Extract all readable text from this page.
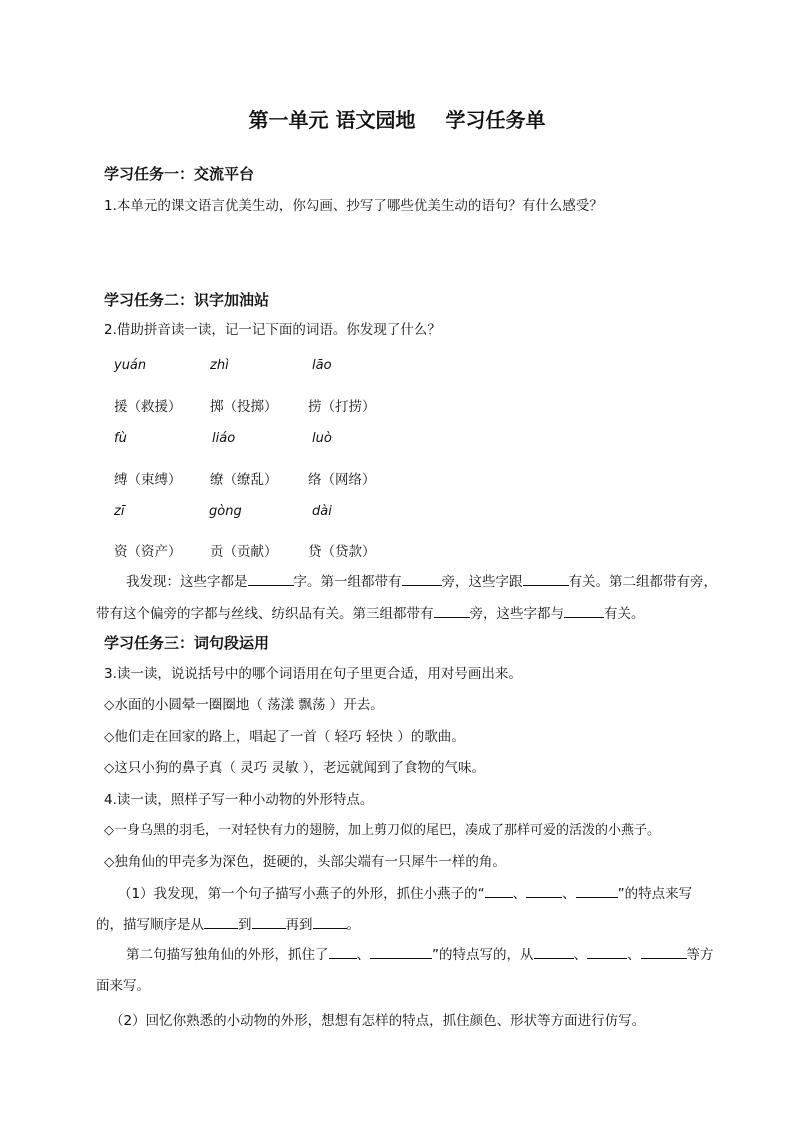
第一单元 语文园地 学习任务单
学习任务一：交流平台
1.本单元的课文语言优美生动，你勾画、抄写了哪些优美生动的语句？有什么感受？
学习任务二：识字加油站
2.借助拼音读一读，记一记下面的词语。你发现了什么？
yuán	zhì	lāo
援（救援） 掷（投掷） 捞（打捞）
fù	liáo	luò
缚（束缚） 缭（缭乱） 络（网络）
zī	gòng	dài
资（资产） 贡（贡献） 贷（贷款）
我发现：这些字都是	字。第一组都带有	旁，这些字跟	有关。第二组都带有旁，带有这个偏旁的字都与丝线、纺织品有关。第三组都带有	旁，这些字都与	有关。
学习任务三：词句段运用
3.读一读，说说括号中的哪个词语用在句子里更合适，用对号画出来。
◇水面的小圆晕一圈圈地（ 荡漾 飘荡 ）开去。
◇他们走在回家的路上，唱起了一首（ 轻巧 轻快 ）的歌曲。
◇这只小狗的鼻子真（ 灵巧 灵敏 ），老远就闻到了食物的气味。
4.读一读，照样子写一种小动物的外形特点。
◇一身乌黑的羽毛，一对轻快有力的翅膀，加上剪刀似的尾巴，凑成了那样可爱的活泼的小燕子。
◇独角仙的甲壳多为深色，挺硬的，头部尖端有一只犀牛一样的角。
（1）我发现，第一个句子描写小燕子的外形，抓住小燕子的“ 、	、	”的特点来写的，描写顺序是从	到	再到	。
第二句描写独角仙的外形，抓住了 、	”的特点写的，从	、	、	等方面来写。
（2）回忆你熟悉的小动物的外形，想想有怎样的特点，抓住颜色、形状等方面进行仿写。
